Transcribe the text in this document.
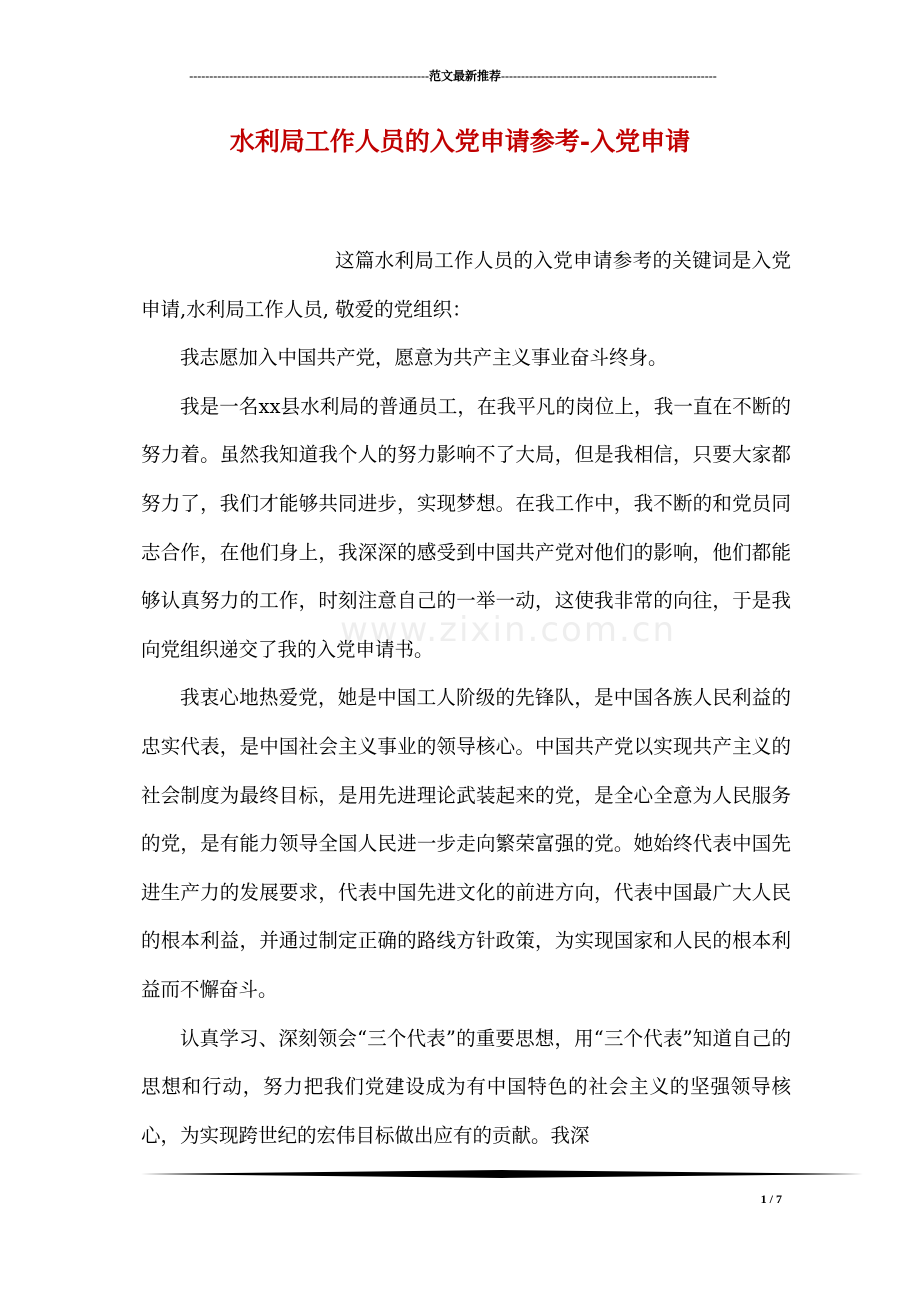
------------------------------------------------------------范文最新推荐------------------------------------------------------
水利局工作人员的入党申请参考-入党申请

这篇水利局工作人员的入党申请参考的关键词是入党申请,水利局工作人员, 敬爱的党组织：

我志愿加入中国共产党，愿意为共产主义事业奋斗终身。

我是一名xx县水利局的普通员工，在我平凡的岗位上，我一直在不断的努力着。虽然我知道我个人的努力影响不了大局，但是我相信，只要大家都努力了，我们才能够共同进步，实现梦想。在我工作中，我不断的和党员同志合作，在他们身上，我深深的感受到中国共产党对他们的影响，他们都能够认真努力的工作，时刻注意自己的一举一动，这使我非常的向往，于是我向党组织递交了我的入党申请书。

我衷心地热爱党，她是中国工人阶级的先锋队，是中国各族人民利益的忠实代表，是中国社会主义事业的领导核心。中国共产党以实现共产主义的社会制度为最终目标，是用先进理论武装起来的党，是全心全意为人民服务的党，是有能力领导全国人民进一步走向繁荣富强的党。她始终代表中国先进生产力的发展要求，代表中国先进文化的前进方向，代表中国最广大人民的根本利益，并通过制定正确的路线方针政策，为实现国家和人民的根本利益而不懈奋斗。

认真学习、深刻领会“三个代表”的重要思想，用“三个代表”知道自己的思想和行动，努力把我们党建设成为有中国特色的社会主义的坚强领导核心，为实现跨世纪的宏伟目标做出应有的贡献。我深

www.zixin.com.cn
1 / 7
